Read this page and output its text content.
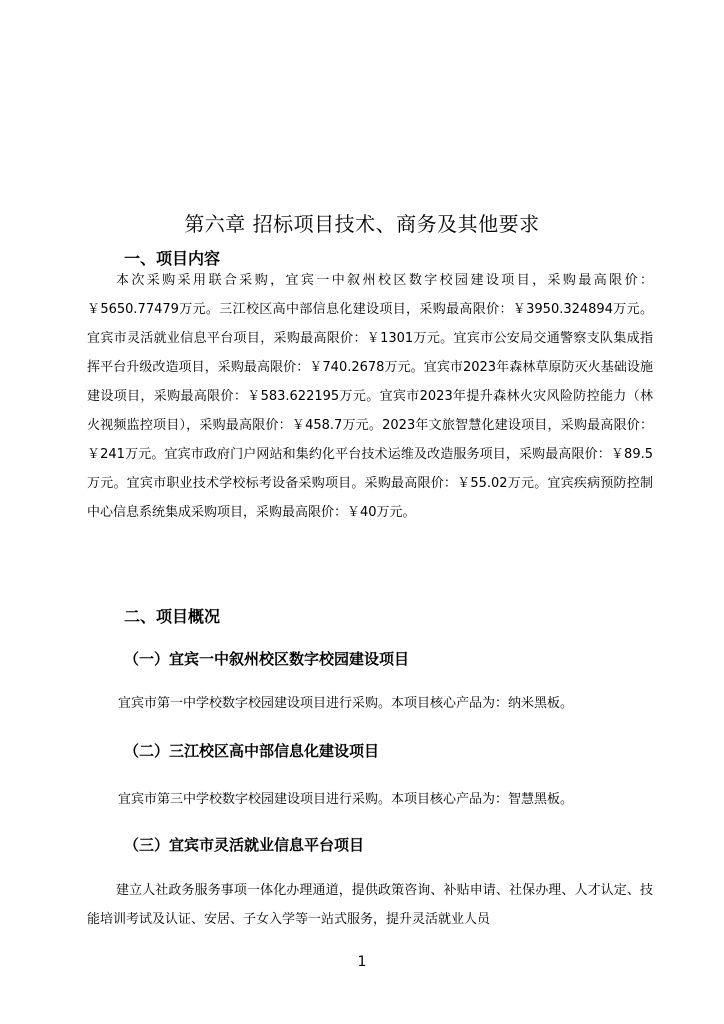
第六章 招标项目技术、商务及其他要求
一、项目内容
本次采购采用联合采购，宜宾一中叙州校区数字校园建设项目，采购最高限价：￥5650.77479万元。三江校区高中部信息化建设项目，采购最高限价：￥3950.324894万元。宜宾市灵活就业信息平台项目，采购最高限价：￥1301万元。宜宾市公安局交通警察支队集成指挥平台升级改造项目，采购最高限价：￥740.2678万元。宜宾市2023年森林草原防灭火基础设施建设项目，采购最高限价：￥583.622195万元。宜宾市2023年提升森林火灾风险防控能力（林火视频监控项目），采购最高限价：￥458.7万元。2023年文旅智慧化建设项目，采购最高限价：￥241万元。宜宾市政府门户网站和集约化平台技术运维及改造服务项目，采购最高限价：￥89.5万元。宜宾市职业技术学校标考设备采购项目。采购最高限价：￥55.02万元。宜宾疾病预防控制中心信息系统集成采购项目，采购最高限价：￥40万元。
二、项目概况
（一）宜宾一中叙州校区数字校园建设项目
宜宾市第一中学校数字校园建设项目进行采购。本项目核心产品为：纳米黑板。
（二）三江校区高中部信息化建设项目
宜宾市第三中学校数字校园建设项目进行采购。本项目核心产品为：智慧黑板。
（三）宜宾市灵活就业信息平台项目
建立人社政务服务事项一体化办理通道，提供政策咨询、补贴申请、社保办理、人才认定、技能培训考试及认证、安居、子女入学等一站式服务，提升灵活就业人员
1
